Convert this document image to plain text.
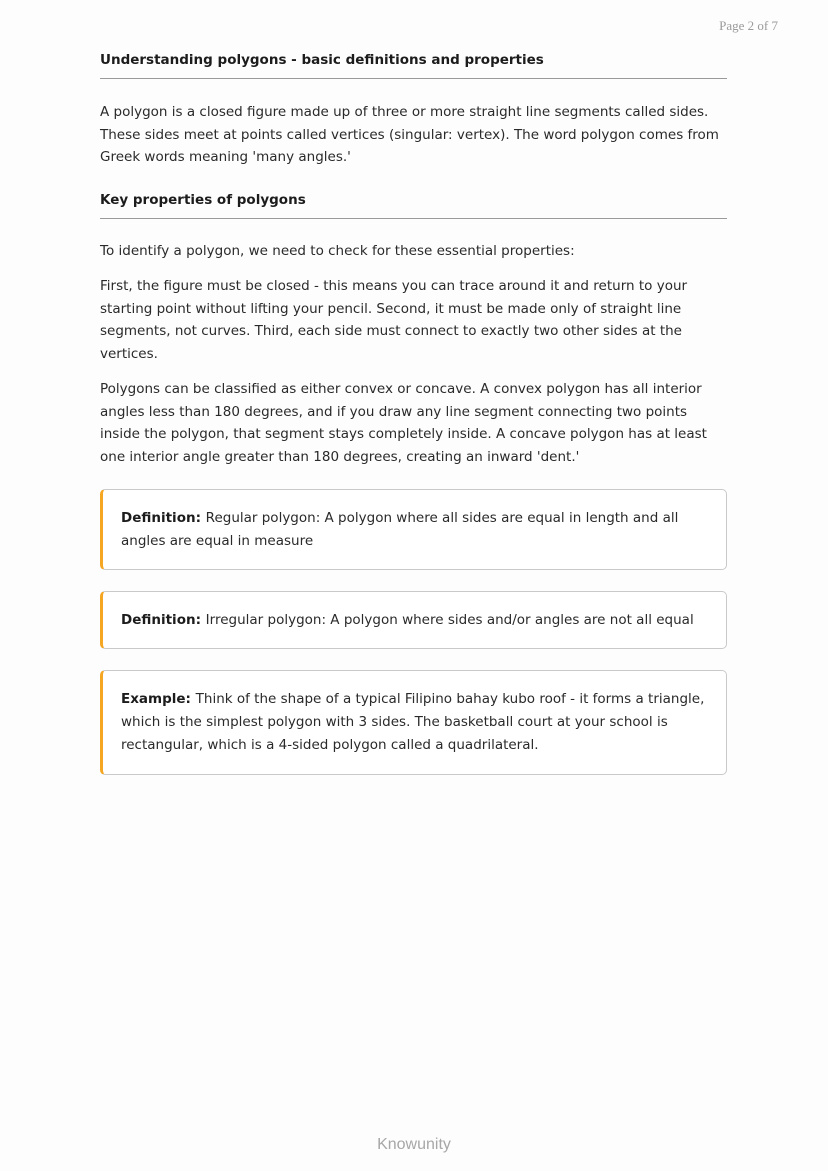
Page 2 of 7
Understanding polygons - basic definitions and properties

A polygon is a closed figure made up of three or more straight line segments called sides. These sides meet at points called vertices (singular: vertex). The word polygon comes from Greek words meaning 'many angles.'

Key properties of polygons

To identify a polygon, we need to check for these essential properties:

First, the figure must be closed - this means you can trace around it and return to your starting point without lifting your pencil. Second, it must be made only of straight line segments, not curves. Third, each side must connect to exactly two other sides at the vertices.

Polygons can be classified as either convex or concave. A convex polygon has all interior angles less than 180 degrees, and if you draw any line segment connecting two points inside the polygon, that segment stays completely inside. A concave polygon has at least one interior angle greater than 180 degrees, creating an inward 'dent.'

Definition: Regular polygon: A polygon where all sides are equal in length and all angles are equal in measure
Definition: Irregular polygon: A polygon where sides and/or angles are not all equal
Example: Think of the shape of a typical Filipino bahay kubo roof - it forms a triangle, which is the simplest polygon with 3 sides. The basketball court at your school is rectangular, which is a 4-sided polygon called a quadrilateral.
Knowunity
